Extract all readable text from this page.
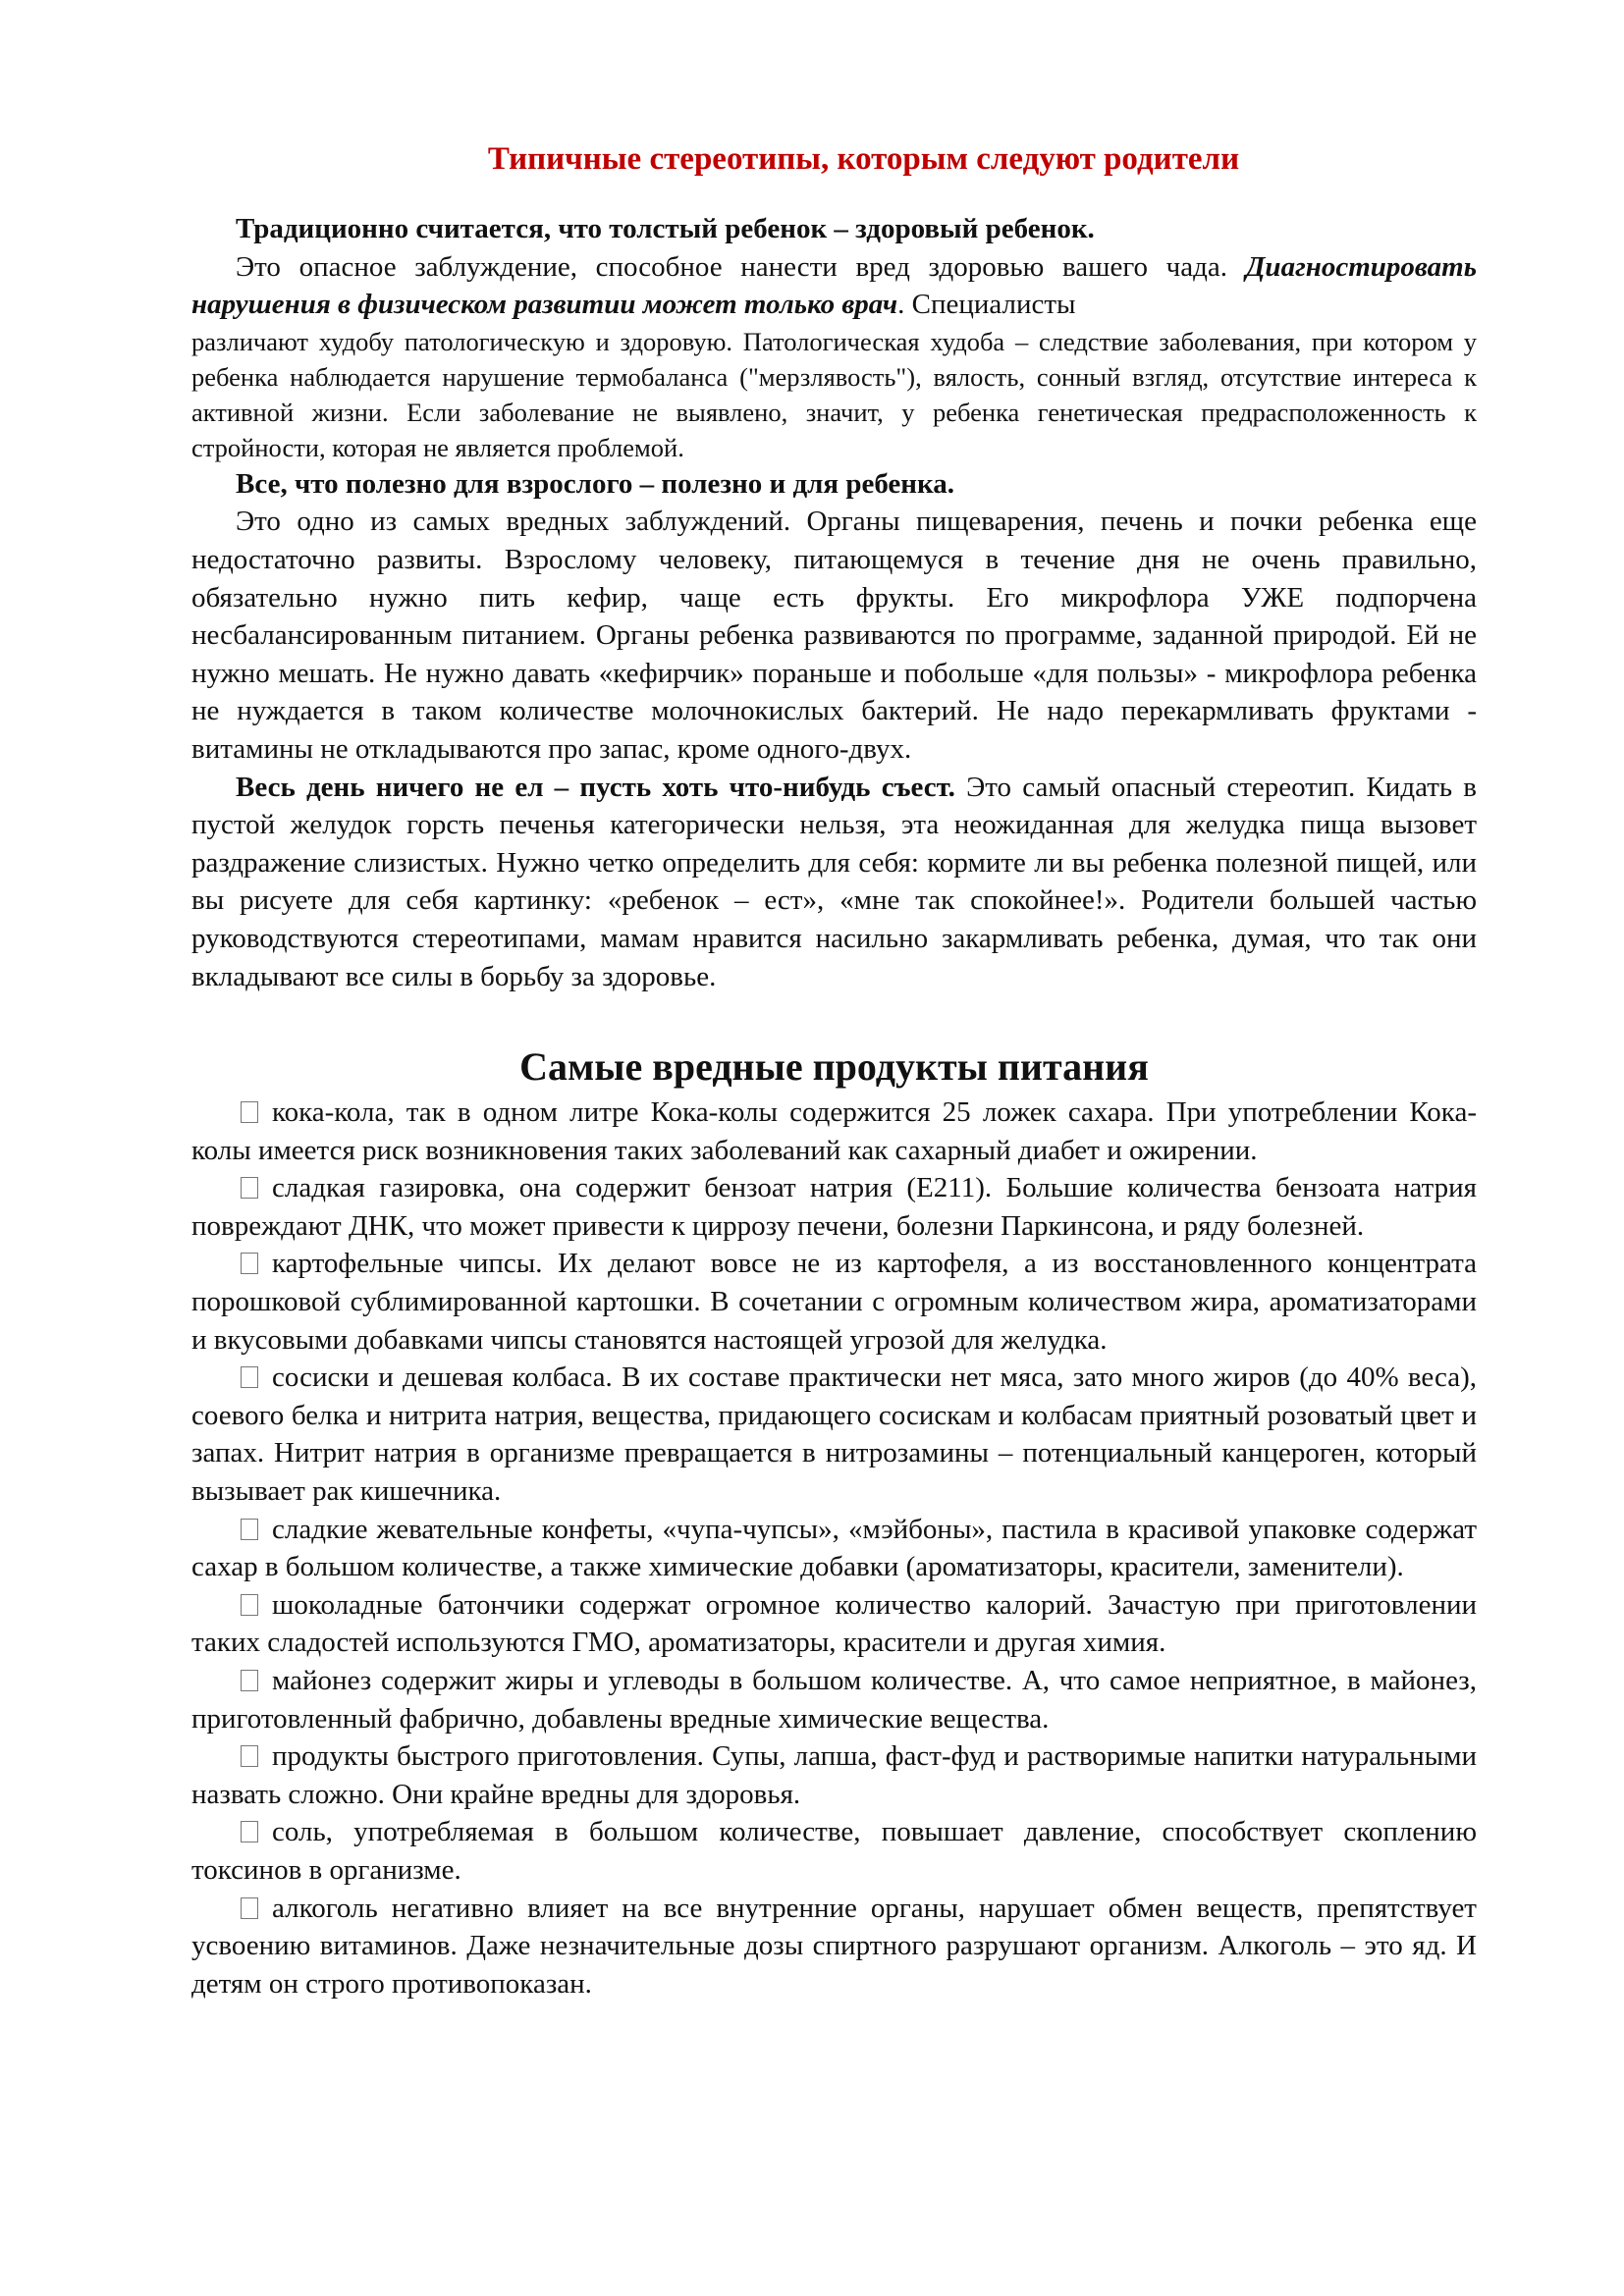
Типичные стереотипы, которым следуют родители

Традиционно считается, что толстый ребенок – здоровый ребенок.

Это опасное заблуждение, способное нанести вред здоровью вашего чада. Диагностировать нарушения в физическом развитии может только врач. Специалисты

различают худобу патологическую и здоровую. Патологическая худоба – следствие заболевания, при котором у ребенка наблюдается нарушение термобаланса ("мерзлявость"), вялость, сонный взгляд, отсутствие интереса к активной жизни. Если заболевание не выявлено, значит, у ребенка генетическая предрасположенность к стройности, которая не является проблемой.

Все, что полезно для взрослого – полезно и для ребенка.

Это одно из самых вредных заблуждений. Органы пищеварения, печень и почки ребенка еще недостаточно развиты. Взрослому человеку, питающемуся в течение дня не очень правильно, обязательно нужно пить кефир, чаще есть фрукты. Его микрофлора УЖЕ подпорчена несбалансированным питанием. Органы ребенка развиваются по программе, заданной природой. Ей не нужно мешать. Не нужно давать «кефирчик» пораньше и побольше «для пользы» - микрофлора ребенка не нуждается в таком количестве молочнокислых бактерий. Не надо перекармливать фруктами - витамины не откладываются про запас, кроме одного-двух.

Весь день ничего не ел – пусть хоть что-нибудь съест. Это самый опасный стереотип. Кидать в пустой желудок горсть печенья категорически нельзя, эта неожиданная для желудка пища вызовет раздражение слизистых. Нужно четко определить для себя: кормите ли вы ребенка полезной пищей, или вы рисуете для себя картинку: «ребенок – ест», «мне так спокойнее!». Родители большей частью руководствуются стереотипами, мамам нравится насильно закармливать ребенка, думая, что так они вкладывают все силы в борьбу за здоровье.

Самые вредные продукты питания

кока-кола, так в одном литре Кока-колы содержится 25 ложек сахара. При употреблении Кока-колы имеется риск возникновения таких заболеваний как сахарный диабет и ожирении.

сладкая газировка, она содержит бензоат натрия (Е211). Большие количества бензоата натрия повреждают ДНК, что может привести к циррозу печени, болезни Паркинсона, и ряду болезней.

картофельные чипсы. Их делают вовсе не из картофеля, а из восстановленного концентрата порошковой сублимированной картошки. В сочетании с огромным количеством жира, ароматизаторами и вкусовыми добавками чипсы становятся настоящей угрозой для желудка.

сосиски и дешевая колбаса. В их составе практически нет мяса, зато много жиров (до 40% веса), соевого белка и нитрита натрия, вещества, придающего сосискам и колбасам приятный розоватый цвет и запах. Нитрит натрия в организме превращается в нитрозамины – потенциальный канцероген, который вызывает рак кишечника.

сладкие жевательные конфеты, «чупа-чупсы», «мэйбоны», пастила в красивой упаковке содержат сахар в большом количестве, а также химические добавки (ароматизаторы, красители, заменители).

шоколадные батончики содержат огромное количество калорий. Зачастую при приготовлении таких сладостей используются ГМО, ароматизаторы, красители и другая химия.

майонез содержит жиры и углеводы в большом количестве. А, что самое неприятное, в майонез, приготовленный фабрично, добавлены вредные химические вещества.

продукты быстрого приготовления. Супы, лапша, фаст-фуд и растворимые напитки натуральными назвать сложно. Они крайне вредны для здоровья.

соль, употребляемая в большом количестве, повышает давление, способствует скоплению токсинов в организме.

алкоголь негативно влияет на все внутренние органы, нарушает обмен веществ, препятствует усвоению витаминов. Даже незначительные дозы спиртного разрушают организм. Алкоголь – это яд. И детям он строго противопоказан.
